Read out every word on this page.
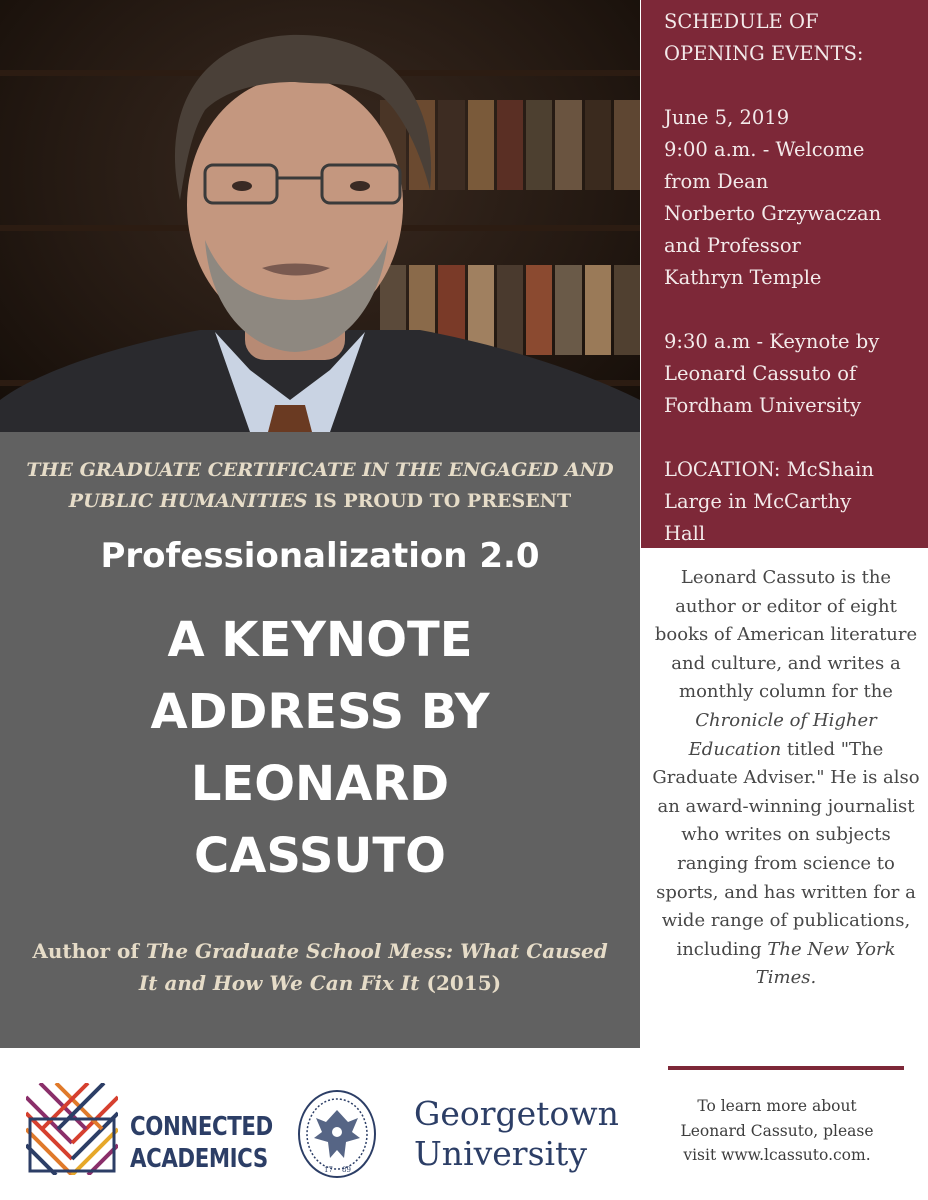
THE GRADUATE CERTIFICATE IN THE ENGAGED AND PUBLIC HUMANITIES IS PROUD TO PRESENT
Professionalization 2.0
A KEYNOTE
ADDRESS BY
LEONARD
CASSUTO
Author of The Graduate School Mess: What Caused It and How We Can Fix It (2015)

SCHEDULE OF

OPENING EVENTS:

June 5, 2019

9:00 a.m. - Welcome

from Dean

Norberto Grzywaczan

and Professor

Kathryn Temple

9:30 a.m - Keynote by

Leonard Cassuto of

Fordham University

LOCATION: McShain

Large in McCarthy

Hall

Leonard Cassuto is the author or editor of eight books of American literature and culture, and writes a monthly column for the Chronicle of Higher Education titled "The Graduate Adviser." He is also an award-winning journalist who writes on subjects ranging from science to sports, and has written for a wide range of publications, including The New York Times.
To learn more about
Leonard Cassuto, please
visit www.lcassuto.com.
CONNECTED
ACADEMICS	17 89
Georgetown
University
